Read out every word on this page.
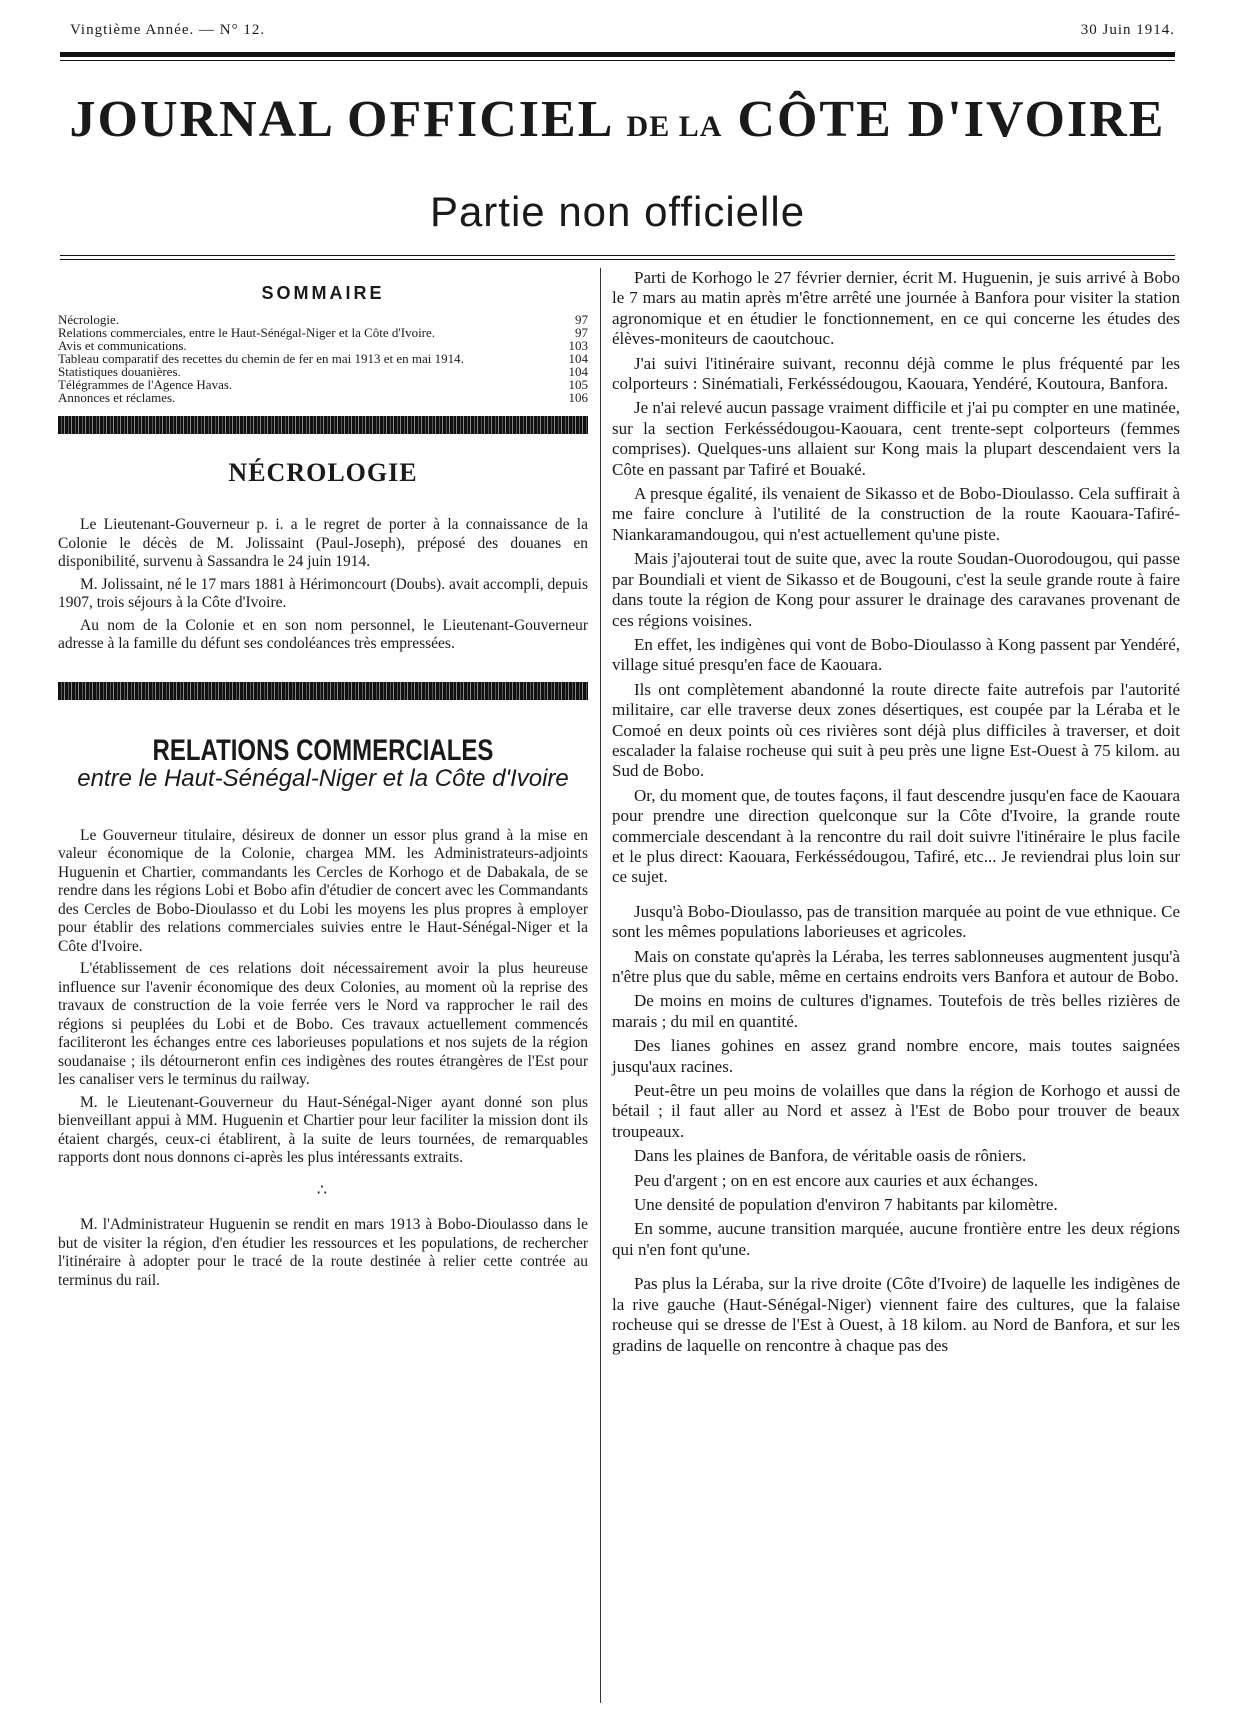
Vingtième Année. — N° 12.	30 Juin 1914.
JOURNAL OFFICIEL DE LA CÔTE D'IVOIRE
Partie non officielle
SOMMAIRE
Nécrologie.	97
Relations commerciales, entre le Haut-Sénégal-Niger et la Côte d'Ivoire.	97
Avis et communications.	103
Tableau comparatif des recettes du chemin de fer en mai 1913 et en mai 1914.	104
Statistiques douanières.	104
Télégrammes de l'Agence Havas.	105
Annonces et réclames.	106
NÉCROLOGIE

Le Lieutenant-Gouverneur p. i. a le regret de porter à la connaissance de la Colonie le décès de M. Jolissaint (Paul-Joseph), préposé des douanes en disponibilité, survenu à Sassandra le 24 juin 1914.

M. Jolissaint, né le 17 mars 1881 à Hérimoncourt (Doubs). avait accompli, depuis 1907, trois séjours à la Côte d'Ivoire.

Au nom de la Colonie et en son nom personnel, le Lieutenant-Gouverneur adresse à la famille du défunt ses condoléances très empressées.

RELATIONS COMMERCIALES
entre le Haut-Sénégal-Niger et la Côte d'Ivoire

Le Gouverneur titulaire, désireux de donner un essor plus grand à la mise en valeur économique de la Colonie, chargea MM. les Administrateurs-adjoints Huguenin et Chartier, commandants les Cercles de Korhogo et de Dabakala, de se rendre dans les régions Lobi et Bobo afin d'étudier de concert avec les Commandants des Cercles de Bobo-Dioulasso et du Lobi les moyens les plus propres à employer pour établir des relations commerciales suivies entre le Haut-Sénégal-Niger et la Côte d'Ivoire.

L'établissement de ces relations doit nécessairement avoir la plus heureuse influence sur l'avenir économique des deux Colonies, au moment où la reprise des travaux de construction de la voie ferrée vers le Nord va rapprocher le rail des régions si peuplées du Lobi et de Bobo. Ces travaux actuellement commencés faciliteront les échanges entre ces laborieuses populations et nos sujets de la région soudanaise ; ils détourneront enfin ces indigènes des routes étrangères de l'Est pour les canaliser vers le terminus du railway.

M. le Lieutenant-Gouverneur du Haut-Sénégal-Niger ayant donné son plus bienveillant appui à MM. Huguenin et Chartier pour leur faciliter la mission dont ils étaient chargés, ceux-ci établirent, à la suite de leurs tournées, de remarquables rapports dont nous donnons ci-après les plus intéressants extraits.

∴

M. l'Administrateur Huguenin se rendit en mars 1913 à Bobo-Dioulasso dans le but de visiter la région, d'en étudier les ressources et les populations, de rechercher l'itinéraire à adopter pour le tracé de la route destinée à relier cette contrée au terminus du rail.

Parti de Korhogo le 27 février dernier, écrit M. Huguenin, je suis arrivé à Bobo le 7 mars au matin après m'être arrêté une journée à Banfora pour visiter la station agronomique et en étudier le fonctionnement, en ce qui concerne les études des élèves-moniteurs de caoutchouc.

J'ai suivi l'itinéraire suivant, reconnu déjà comme le plus fréquenté par les colporteurs : Sinématiali, Ferkéssédougou, Kaouara, Yendéré, Koutoura, Banfora.

Je n'ai relevé aucun passage vraiment difficile et j'ai pu compter en une matinée, sur la section Ferkéssédougou-Kaouara, cent trente-sept colporteurs (femmes comprises). Quelques-uns allaient sur Kong mais la plupart descendaient vers la Côte en passant par Tafiré et Bouaké.

A presque égalité, ils venaient de Sikasso et de Bobo-Dioulasso. Cela suffirait à me faire conclure à l'utilité de la construction de la route Kaouara-Tafiré-Niankaramandougou, qui n'est actuellement qu'une piste.

Mais j'ajouterai tout de suite que, avec la route Soudan-Ouorodougou, qui passe par Boundiali et vient de Sikasso et de Bougouni, c'est la seule grande route à faire dans toute la région de Kong pour assurer le drainage des caravanes provenant de ces régions voisines.

En effet, les indigènes qui vont de Bobo-Dioulasso à Kong passent par Yendéré, village situé presqu'en face de Kaouara.

Ils ont complètement abandonné la route directe faite autrefois par l'autorité militaire, car elle traverse deux zones désertiques, est coupée par la Léraba et le Comoé en deux points où ces rivières sont déjà plus difficiles à traverser, et doit escalader la falaise rocheuse qui suit à peu près une ligne Est-Ouest à 75 kilom. au Sud de Bobo.

Or, du moment que, de toutes façons, il faut descendre jusqu'en face de Kaouara pour prendre une direction quelconque sur la Côte d'Ivoire, la grande route commerciale descendant à la rencontre du rail doit suivre l'itinéraire le plus facile et le plus direct: Kaouara, Ferkéssédougou, Tafiré, etc... Je reviendrai plus loin sur ce sujet.

Jusqu'à Bobo-Dioulasso, pas de transition marquée au point de vue ethnique. Ce sont les mêmes populations laborieuses et agricoles.

Mais on constate qu'après la Léraba, les terres sablonneuses augmentent jusqu'à n'être plus que du sable, même en certains endroits vers Banfora et autour de Bobo.

De moins en moins de cultures d'ignames. Toutefois de très belles rizières de marais ; du mil en quantité.

Des lianes gohines en assez grand nombre encore, mais toutes saignées jusqu'aux racines.

Peut-être un peu moins de volailles que dans la région de Korhogo et aussi de bétail ; il faut aller au Nord et assez à l'Est de Bobo pour trouver de beaux troupeaux.

Dans les plaines de Banfora, de véritable oasis de rôniers.

Peu d'argent ; on en est encore aux cauries et aux échanges.

Une densité de population d'environ 7 habitants par kilomètre.

En somme, aucune transition marquée, aucune frontière entre les deux régions qui n'en font qu'une.

Pas plus la Léraba, sur la rive droite (Côte d'Ivoire) de laquelle les indigènes de la rive gauche (Haut-Sénégal-Niger) viennent faire des cultures, que la falaise rocheuse qui se dresse de l'Est à Ouest, à 18 kilom. au Nord de Banfora, et sur les gradins de laquelle on rencontre à chaque pas des
